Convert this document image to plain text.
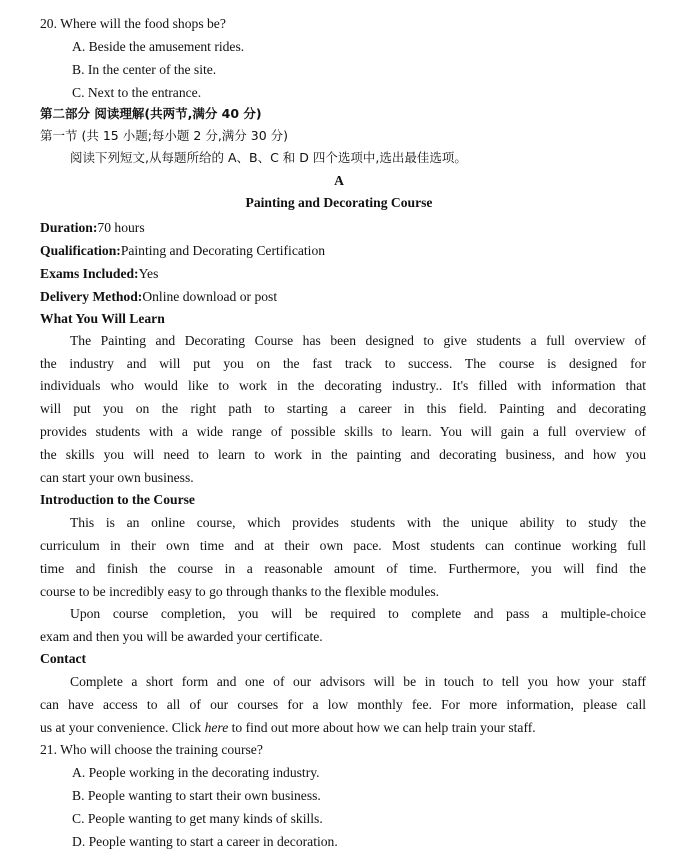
20. Where will the food shops be?
A. Beside the amusement rides.
B. In the center of the site.
C. Next to the entrance.
第二部分 阅读理解(共两节,满分 40 分)
第一节 (共 15 小题;每小题 2 分,满分 30 分)
阅读下列短文,从每题所给的 A、B、C 和 D 四个选项中,选出最佳选项。
A
Painting and Decorating Course
Duration:70 hours
Qualification:Painting and Decorating Certification
Exams Included:Yes
Delivery Method:Online download or post
What You Will Learn
The Painting and Decorating Course has been designed to give students a full overview of
the industry and will put you on the fast track to success. The course is designed for
individuals who would like to work in the decorating industry.. It's filled with information that
will put you on the right path to starting a career in this field. Painting and decorating
provides students with a wide range of possible skills to learn. You will gain a full overview of
the skills you will need to learn to work in the painting and decorating business, and how you
can start your own business.
Introduction to the Course
This is an online course, which provides students with the unique ability to study the
curriculum in their own time and at their own pace. Most students can continue working full
time and finish the course in a reasonable amount of time. Furthermore, you will find the
course to be incredibly easy to go through thanks to the flexible modules.
Upon course completion, you will be required to complete and pass a multiple-choice
exam and then you will be awarded your certificate.
Contact
Complete a short form and one of our advisors will be in touch to tell you how your staff
can have access to all of our courses for a low monthly fee. For more information, please call
us at your convenience. Click here to find out more about how we can help train your staff.
21. Who will choose the training course?
A. People working in the decorating industry.
B. People wanting to start their own business.
C. People wanting to get many kinds of skills.
D. People wanting to start a career in decoration.
